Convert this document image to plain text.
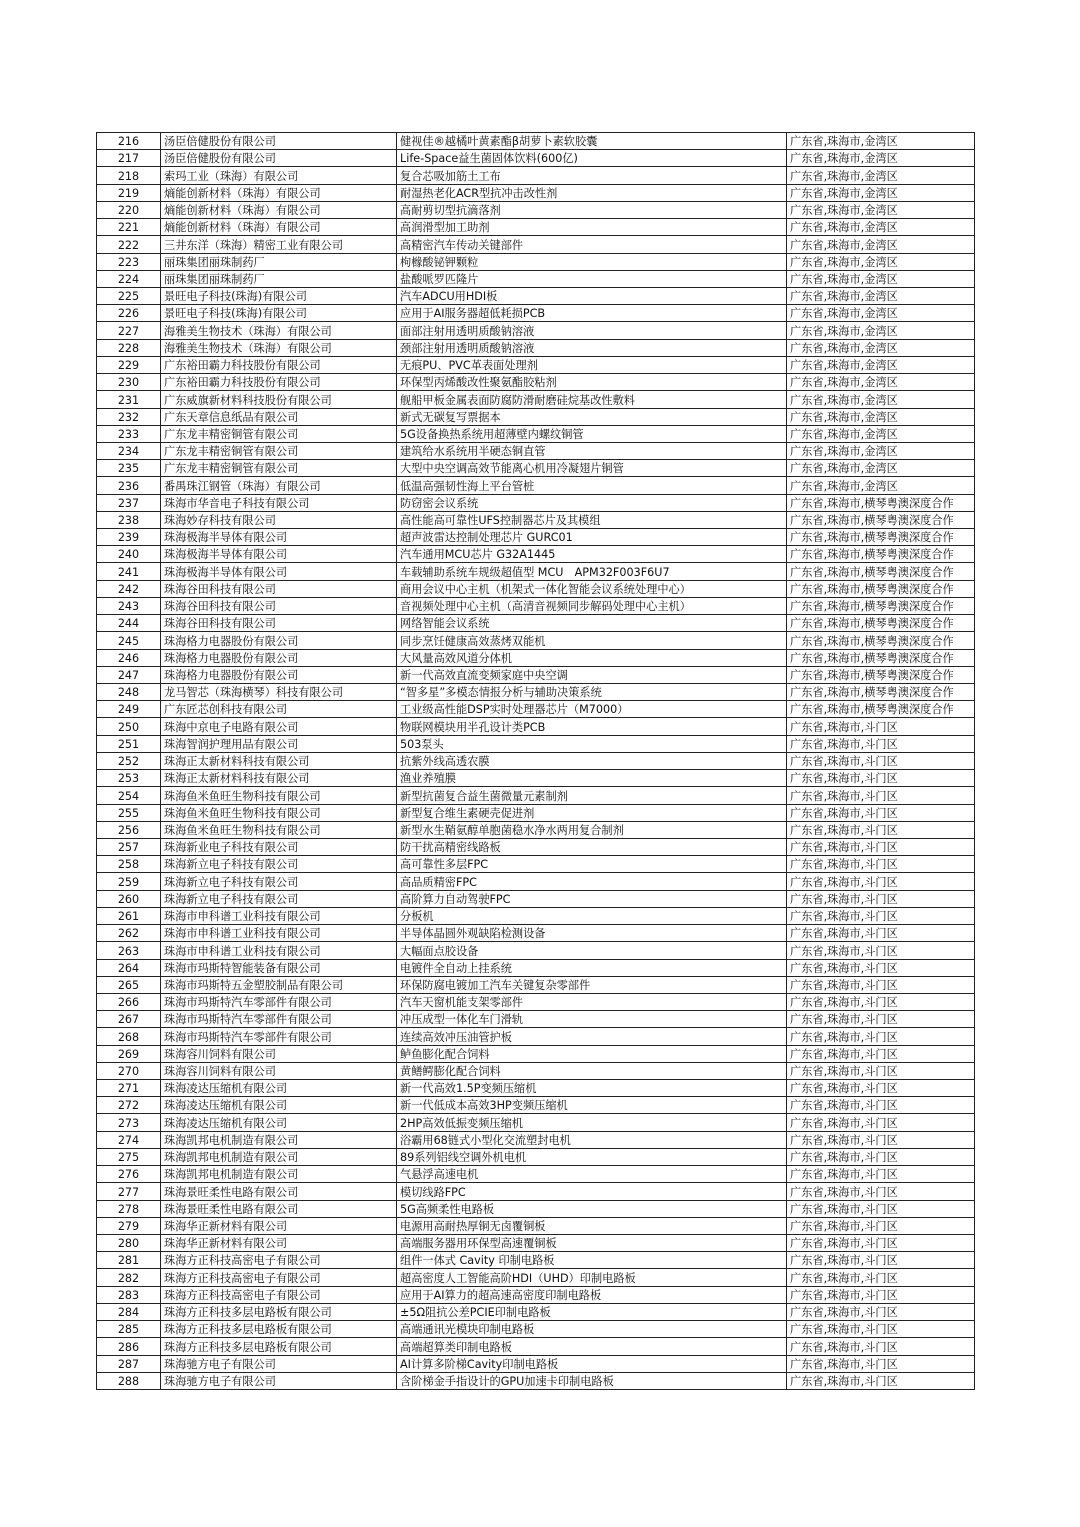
216	汤臣倍健股份有限公司	健视佳®越橘叶黄素酯β胡萝卜素软胶囊	广东省,珠海市,金湾区
217	汤臣倍健股份有限公司	Life-Space益生菌固体饮料(600亿)	广东省,珠海市,金湾区
218	索玛工业（珠海）有限公司	复合芯吸加筋土工布	广东省,珠海市,金湾区
219	熵能创新材料（珠海）有限公司	耐湿热老化ACR型抗冲击改性剂	广东省,珠海市,金湾区
220	熵能创新材料（珠海）有限公司	高耐剪切型抗滴落剂	广东省,珠海市,金湾区
221	熵能创新材料（珠海）有限公司	高润滑型加工助剂	广东省,珠海市,金湾区
222	三井东洋（珠海）精密工业有限公司	高精密汽车传动关键部件	广东省,珠海市,金湾区
223	丽珠集团丽珠制药厂	枸橼酸铋钾颗粒	广东省,珠海市,金湾区
224	丽珠集团丽珠制药厂	盐酸哌罗匹隆片	广东省,珠海市,金湾区
225	景旺电子科技(珠海)有限公司	汽车ADCU用HDI板	广东省,珠海市,金湾区
226	景旺电子科技(珠海)有限公司	应用于AI服务器超低耗损PCB	广东省,珠海市,金湾区
227	海雅美生物技术（珠海）有限公司	面部注射用透明质酸钠溶液	广东省,珠海市,金湾区
228	海雅美生物技术（珠海）有限公司	颈部注射用透明质酸钠溶液	广东省,珠海市,金湾区
229	广东裕田霸力科技股份有限公司	无痕PU、PVC革表面处理剂	广东省,珠海市,金湾区
230	广东裕田霸力科技股份有限公司	环保型丙烯酸改性聚氨酯胶粘剂	广东省,珠海市,金湾区
231	广东威旗新材料科技股份有限公司	舰船甲板金属表面防腐防滑耐磨硅烷基改性敷料	广东省,珠海市,金湾区
232	广东天章信息纸品有限公司	新式无碳复写票据本	广东省,珠海市,金湾区
233	广东龙丰精密铜管有限公司	5G设备换热系统用超薄壁内螺纹铜管	广东省,珠海市,金湾区
234	广东龙丰精密铜管有限公司	建筑给水系统用半硬态铜直管	广东省,珠海市,金湾区
235	广东龙丰精密铜管有限公司	大型中央空调高效节能离心机用冷凝翅片铜管	广东省,珠海市,金湾区
236	番禺珠江钢管（珠海）有限公司	低温高强韧性海上平台管桩	广东省,珠海市,金湾区
237	珠海市华音电子科技有限公司	防窃密会议系统	广东省,珠海市,横琴粤澳深度合作
238	珠海妙存科技有限公司	高性能高可靠性UFS控制器芯片及其模组	广东省,珠海市,横琴粤澳深度合作
239	珠海极海半导体有限公司	超声波雷达控制处理芯片 GURC01	广东省,珠海市,横琴粤澳深度合作
240	珠海极海半导体有限公司	汽车通用MCU芯片 G32A1445	广东省,珠海市,横琴粤澳深度合作
241	珠海极海半导体有限公司	车载辅助系统车规级超值型 MCU　APM32F003F6U7	广东省,珠海市,横琴粤澳深度合作
242	珠海谷田科技有限公司	商用会议中心主机（机架式一体化智能会议系统处理中心）	广东省,珠海市,横琴粤澳深度合作
243	珠海谷田科技有限公司	音视频处理中心主机（高清音视频同步解码处理中心主机）	广东省,珠海市,横琴粤澳深度合作
244	珠海谷田科技有限公司	网络智能会议系统	广东省,珠海市,横琴粤澳深度合作
245	珠海格力电器股份有限公司	同步烹饪健康高效蒸烤双能机	广东省,珠海市,横琴粤澳深度合作
246	珠海格力电器股份有限公司	大风量高效风道分体机	广东省,珠海市,横琴粤澳深度合作
247	珠海格力电器股份有限公司	新一代高效直流变频家庭中央空调	广东省,珠海市,横琴粤澳深度合作
248	龙马智芯（珠海横琴）科技有限公司	“智多星”多模态情报分析与辅助决策系统	广东省,珠海市,横琴粤澳深度合作
249	广东匠芯创科技有限公司	工业级高性能DSP实时处理器芯片（M7000）	广东省,珠海市,横琴粤澳深度合作
250	珠海中京电子电路有限公司	物联网模块用半孔设计类PCB	广东省,珠海市,斗门区
251	珠海智润护理用品有限公司	503泵头	广东省,珠海市,斗门区
252	珠海正太新材料科技有限公司	抗紫外线高透农膜	广东省,珠海市,斗门区
253	珠海正太新材料科技有限公司	渔业养殖膜	广东省,珠海市,斗门区
254	珠海鱼米鱼旺生物科技有限公司	新型抗菌复合益生菌微量元素制剂	广东省,珠海市,斗门区
255	珠海鱼米鱼旺生物科技有限公司	新型复合维生素硬壳促进剂	广东省,珠海市,斗门区
256	珠海鱼米鱼旺生物科技有限公司	新型水生鞘氨醇单胞菌稳水净水两用复合制剂	广东省,珠海市,斗门区
257	珠海新业电子科技有限公司	防干扰高精密线路板	广东省,珠海市,斗门区
258	珠海新立电子科技有限公司	高可靠性多层FPC	广东省,珠海市,斗门区
259	珠海新立电子科技有限公司	高品质精密FPC	广东省,珠海市,斗门区
260	珠海新立电子科技有限公司	高阶算力自动驾驶FPC	广东省,珠海市,斗门区
261	珠海市申科谱工业科技有限公司	分板机	广东省,珠海市,斗门区
262	珠海市申科谱工业科技有限公司	半导体晶圆外观缺陷检测设备	广东省,珠海市,斗门区
263	珠海市申科谱工业科技有限公司	大幅面点胶设备	广东省,珠海市,斗门区
264	珠海市玛斯特智能装备有限公司	电镀件全自动上挂系统	广东省,珠海市,斗门区
265	珠海市玛斯特五金塑胶制品有限公司	环保防腐电镀加工汽车关键复杂零部件	广东省,珠海市,斗门区
266	珠海市玛斯特汽车零部件有限公司	汽车天窗机能支架零部件	广东省,珠海市,斗门区
267	珠海市玛斯特汽车零部件有限公司	冲压成型一体化车门滑轨	广东省,珠海市,斗门区
268	珠海市玛斯特汽车零部件有限公司	连续高效冲压油管护板	广东省,珠海市,斗门区
269	珠海容川饲料有限公司	鲈鱼膨化配合饲料	广东省,珠海市,斗门区
270	珠海容川饲料有限公司	黄鳝鳄膨化配合饲料	广东省,珠海市,斗门区
271	珠海凌达压缩机有限公司	新一代高效1.5P变频压缩机	广东省,珠海市,斗门区
272	珠海凌达压缩机有限公司	新一代低成本高效3HP变频压缩机	广东省,珠海市,斗门区
273	珠海凌达压缩机有限公司	2HP高效低振变频压缩机	广东省,珠海市,斗门区
274	珠海凯邦电机制造有限公司	浴霸用68链式小型化交流塑封电机	广东省,珠海市,斗门区
275	珠海凯邦电机制造有限公司	89系列铝线空调外机电机	广东省,珠海市,斗门区
276	珠海凯邦电机制造有限公司	气悬浮高速电机	广东省,珠海市,斗门区
277	珠海景旺柔性电路有限公司	模切线路FPC	广东省,珠海市,斗门区
278	珠海景旺柔性电路有限公司	5G高频柔性电路板	广东省,珠海市,斗门区
279	珠海华正新材料有限公司	电源用高耐热厚铜无卤覆铜板	广东省,珠海市,斗门区
280	珠海华正新材料有限公司	高端服务器用环保型高速覆铜板	广东省,珠海市,斗门区
281	珠海方正科技高密电子有限公司	组件一体式 Cavity 印制电路板	广东省,珠海市,斗门区
282	珠海方正科技高密电子有限公司	超高密度人工智能高阶HDI（UHD）印制电路板	广东省,珠海市,斗门区
283	珠海方正科技高密电子有限公司	应用于AI算力的超高速高密度印制电路板	广东省,珠海市,斗门区
284	珠海方正科技多层电路板有限公司	±5Ω阻抗公差PCIE印制电路板	广东省,珠海市,斗门区
285	珠海方正科技多层电路板有限公司	高端通讯光模块印制电路板	广东省,珠海市,斗门区
286	珠海方正科技多层电路板有限公司	高端超算类印制电路板	广东省,珠海市,斗门区
287	珠海驰方电子有限公司	AI计算多阶梯Cavity印制电路板	广东省,珠海市,斗门区
288	珠海驰方电子有限公司	含阶梯金手指设计的GPU加速卡印制电路板	广东省,珠海市,斗门区
